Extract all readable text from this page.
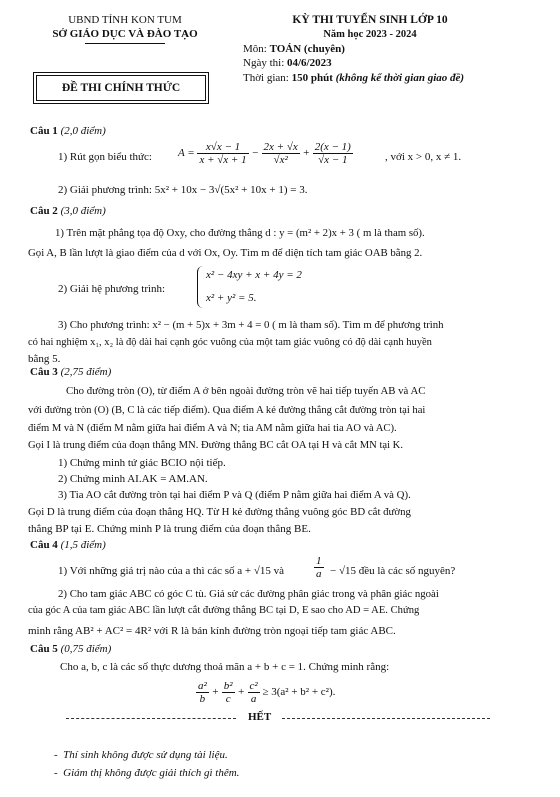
UBND TỈNH KON TUM
SỞ GIÁO DỤC VÀ ĐÀO TẠO
ĐỀ THI CHÍNH THỨC
KỲ THI TUYỂN SINH LỚP 10
Năm học 2023 - 2024
Môn: TOÁN (chuyên)
Ngày thi: 04/6/2023
Thời gian: 150 phút (không kể thời gian giao đề)
Câu 1 (2,0 điểm)
1) Rút gọn biểu thức: $A = \frac{x√x - 1}{x + √x + 1} - \frac{2x + √x}{\text{√x²}} + \frac{2(x - 1)}{√x - 1}$	, với x > 0, x ≠ 1.
2) Giải phương trình: 5x² + 10x − 3√(5x² + 10x + 1) = 3.
Câu 2 (3,0 điểm)
1) Trên mặt phẳng tọa độ Oxy, cho đường thẳng d : y = (m² + 2)x + 3 ( m là tham số).
Gọi A, B lần lượt là giao điểm của d với Ox, Oy. Tìm m để diện tích tam giác OAB bằng 2.
2) Giải hệ phương trình:
x² − 4xy + x + 4y = 2
x² + y² = 5.
3) Cho phương trình: x² − (m + 5)x + 3m + 4 = 0 ( m là tham số). Tìm m để phương trình
có hai nghiệm x₁, x₂ là độ dài hai cạnh góc vuông của một tam giác vuông có độ dài cạnh huyền
bằng 5.
Câu 3 (2,75 điểm)
Cho đường tròn (O), từ điểm A ở bên ngoài đường tròn vẽ hai tiếp tuyến AB và AC
với đường tròn (O) (B, C là các tiếp điểm). Qua điểm A kẻ đường thẳng cắt đường tròn tại hai
điểm M và N (điểm M nằm giữa hai điểm A và N; tia AM nằm giữa hai tia AO và AC).
Gọi I là trung điểm của đoạn thẳng MN. Đường thẳng BC cắt OA tại H và cắt MN tại K.
1) Chứng minh tứ giác BCIO nội tiếp.
2) Chứng minh AI.AK = AM.AN.
3) Tia AO cắt đường tròn tại hai điểm P và Q (điểm P nằm giữa hai điểm A và Q).
Gọi D là trung điểm của đoạn thẳng HQ. Từ H kẻ đường thẳng vuông góc BD cắt đường
thẳng BP tại E. Chứng minh P là trung điểm của đoạn thẳng BE.
Câu 4 (1,5 điểm)
1) Với những giá trị nào của a thì các số a + √15 và	$\frac{1}{a} - √15$ đều là các số nguyên?
2) Cho tam giác ABC có góc C tù. Giả sử các đường phân giác trong và phân giác ngoài
của góc A của tam giác ABC lần lượt cắt đường thẳng BC tại D, E sao cho AD = AE. Chứng
minh rằng AB² + AC² = 4R² với R là bán kính đường tròn ngoại tiếp tam giác ABC.
Câu 5 (0,75 điểm)
Cho a, b, c là các số thực dương thoả mãn a + b + c = 1. Chứng minh rằng:
$\frac{\text{a²}}{b} + \frac{\text{b²}}{c} + \frac{\text{c²}}{a} \ge 3(a^2 + b^2 + c^2)$.
HẾT
-  Thí sinh không được sử dụng tài liệu.
-  Giám thị không được giải thích gì thêm.
